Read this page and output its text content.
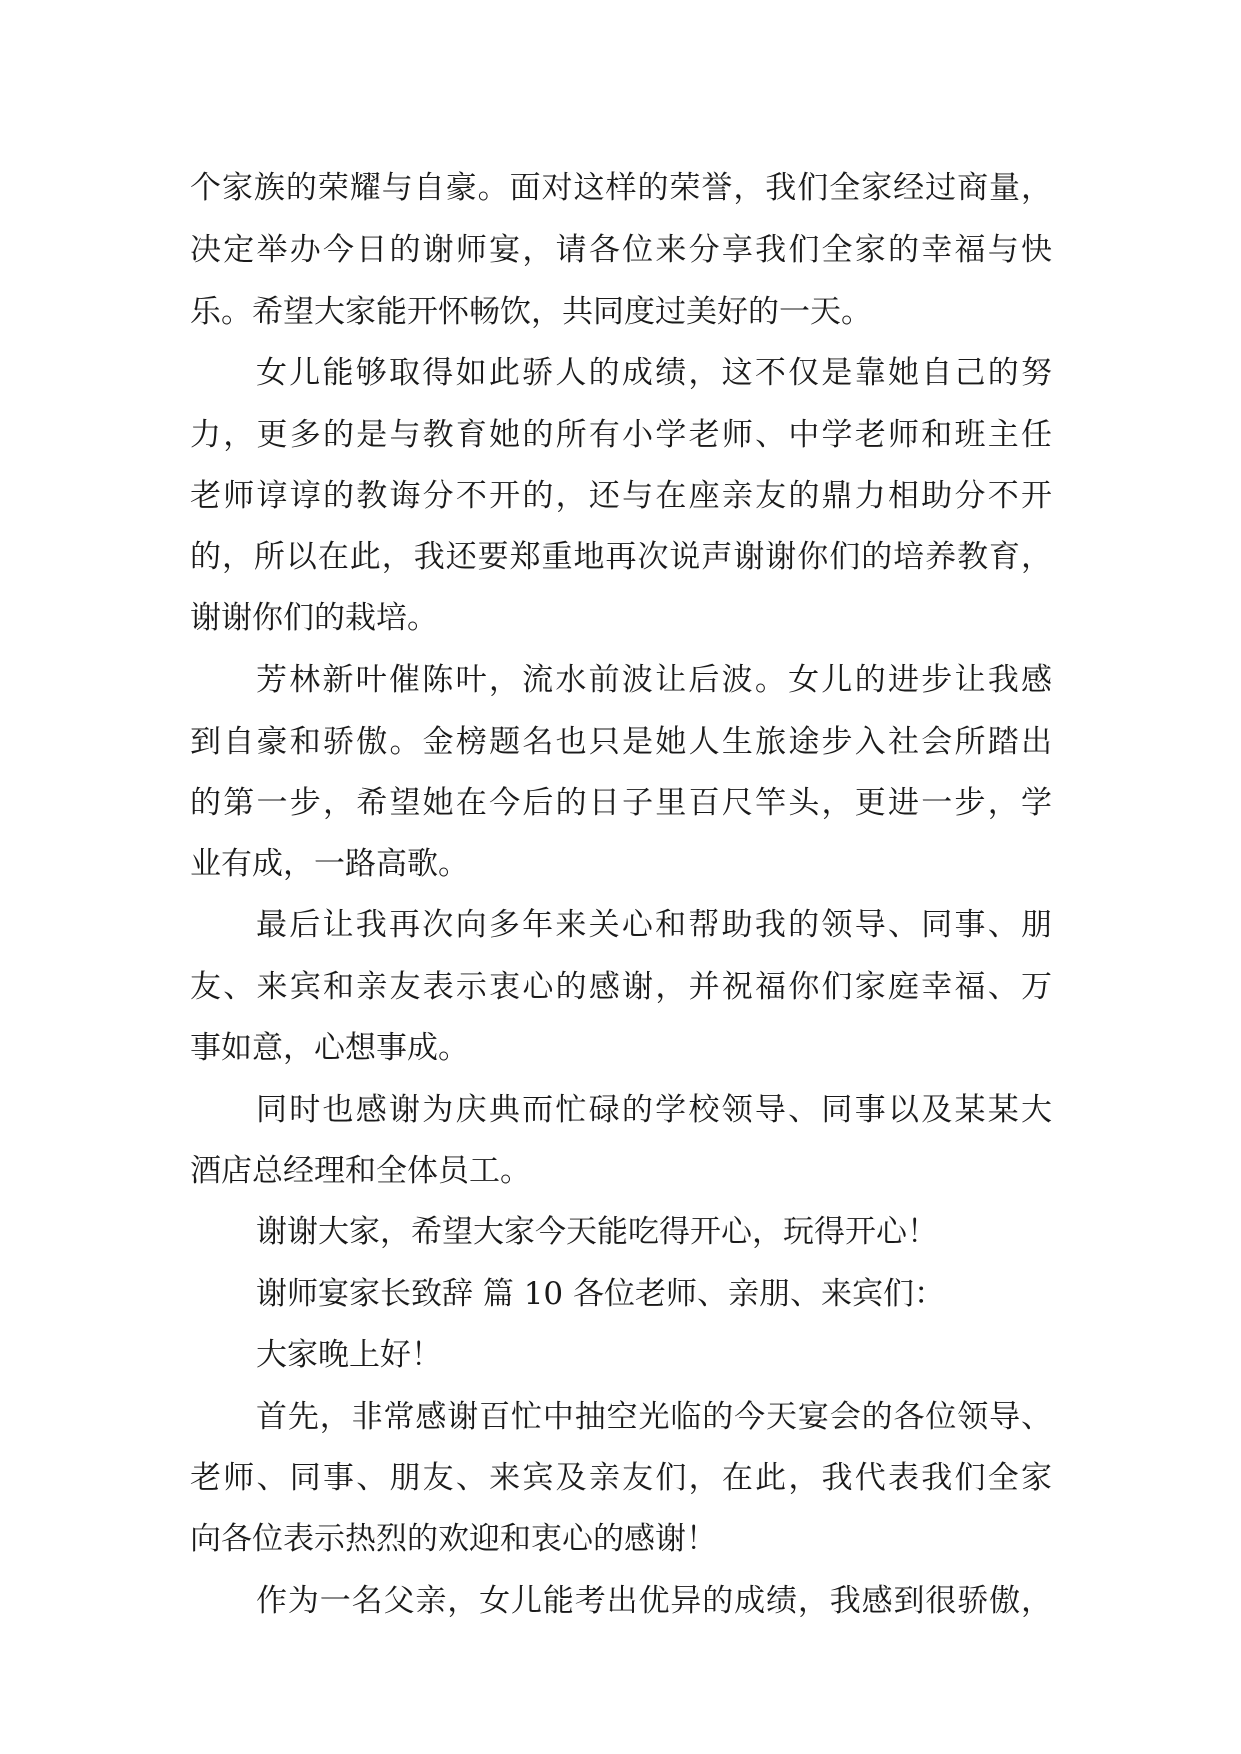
个家族的荣耀与自豪。面对这样的荣誉，我们全家经过商量，
决定举办今日的谢师宴，请各位来分享我们全家的幸福与快
乐。希望大家能开怀畅饮，共同度过美好的一天。
女儿能够取得如此骄人的成绩，这不仅是靠她自己的努
力，更多的是与教育她的所有小学老师、中学老师和班主任
老师谆谆的教诲分不开的，还与在座亲友的鼎力相助分不开
的，所以在此，我还要郑重地再次说声谢谢你们的培养教育，
谢谢你们的栽培。
芳林新叶催陈叶，流水前波让后波。女儿的进步让我感
到自豪和骄傲。金榜题名也只是她人生旅途步入社会所踏出
的第一步，希望她在今后的日子里百尺竿头，更进一步，学
业有成，一路高歌。
最后让我再次向多年来关心和帮助我的领导、同事、朋
友、来宾和亲友表示衷心的感谢，并祝福你们家庭幸福、万
事如意，心想事成。
同时也感谢为庆典而忙碌的学校领导、同事以及某某大
酒店总经理和全体员工。
谢谢大家，希望大家今天能吃得开心，玩得开心！
谢师宴家长致辞 篇 10 各位老师、亲朋、来宾们：
大家晚上好！
首先，非常感谢百忙中抽空光临的今天宴会的各位领导、
老师、同事、朋友、来宾及亲友们，在此，我代表我们全家
向各位表示热烈的欢迎和衷心的感谢！
作为一名父亲，女儿能考出优异的成绩，我感到很骄傲，
